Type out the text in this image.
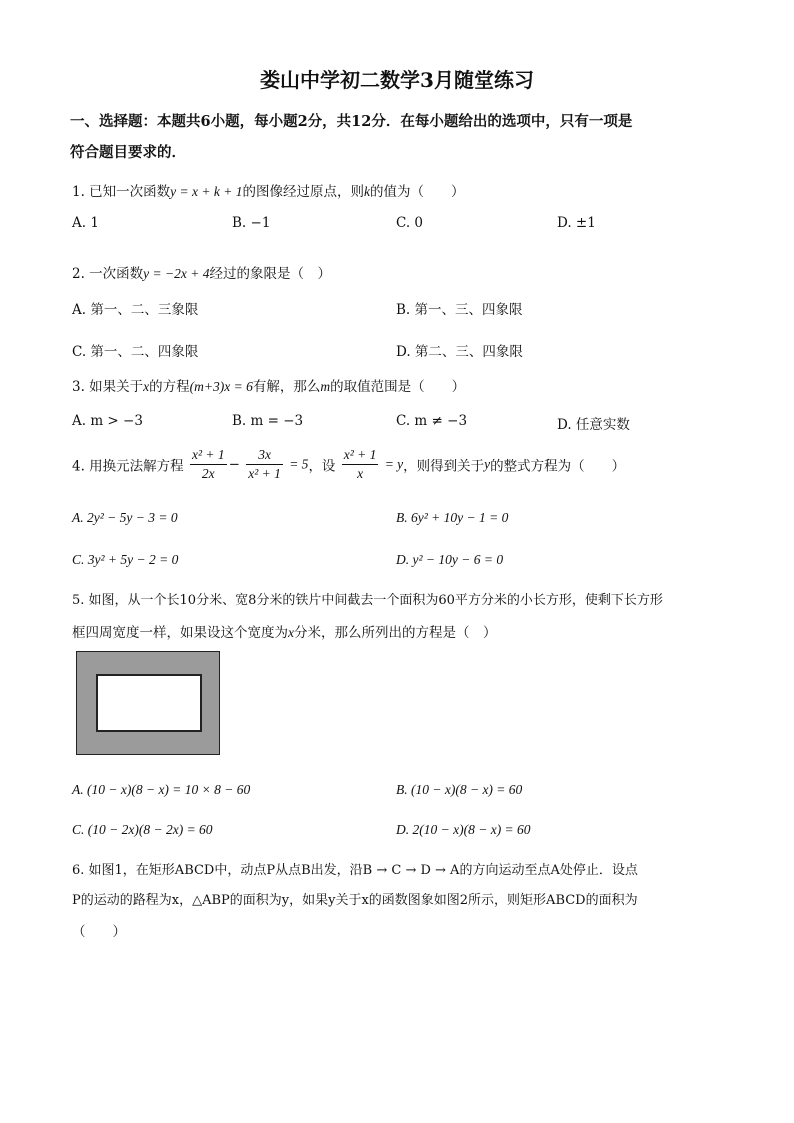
娄山中学初二数学3月随堂练习
一、选择题：本题共6小题，每小题2分，共12分．在每小题给出的选项中，只有一项是
符合题目要求的．
1. 已知一次函数y = x + k + 1的图像经过原点，则k的值为（　　）
A. 1	B. −1	C. 0	D. ±1
2. 一次函数y = −2x + 4经过的象限是（　）
A. 第一、二、三象限	B. 第一、三、四象限
C. 第一、二、四象限	D. 第二、三、四象限
3. 如果关于x的方程(m+3)x = 6有解，那么m的取值范围是（　　）
A. m > −3	B. m = −3	C. m ≠ −3	D. 任意实数
4. 用换元法解方程 $\frac{\text{x² + 1}}{2x} - \frac{3x}{\text{x² + 1}} = 5$，设 $\frac{\text{x² + 1}}{x} = y$，则得到关于y的整式方程为（　　）
A. 2y² − 5y − 3 = 0	B. 6y² + 10y − 1 = 0
C. 3y² + 5y − 2 = 0	D. y² − 10y − 6 = 0
5. 如图，从一个长10分米、宽8分米的铁片中间截去一个面积为60平方分米的小长方形，使剩下长方形
框四周宽度一样，如果设这个宽度为x分米，那么所列出的方程是（　）
A. (10 − x)(8 − x) = 10 × 8 − 60	B. (10 − x)(8 − x) = 60
C. (10 − 2x)(8 − 2x) = 60	D. 2(10 − x)(8 − x) = 60
6. 如图1，在矩形ABCD中，动点P从点B出发，沿B → C → D → A的方向运动至点A处停止．设点
P的运动的路程为x，△ABP的面积为y，如果y关于x的函数图象如图2所示，则矩形ABCD的面积为
（　　）
